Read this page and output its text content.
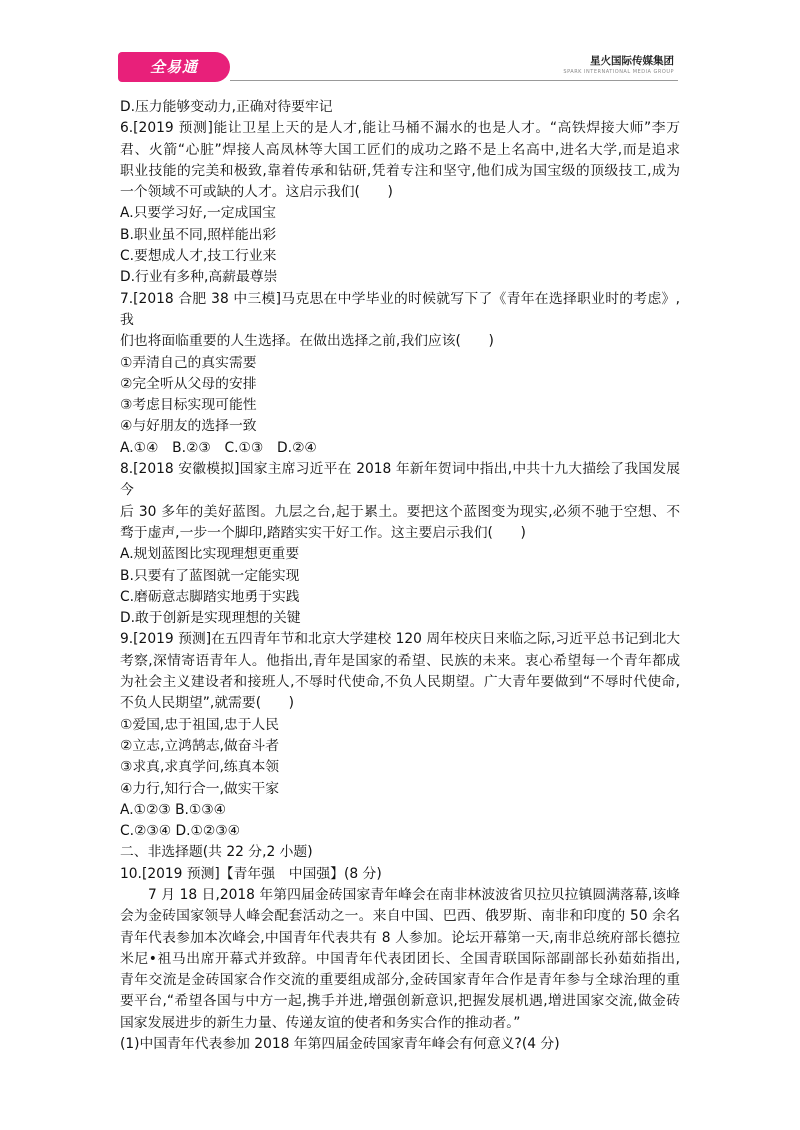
全易通	星火国际传媒集团
SPARK INTERNATIONAL MEDIA GROUP

D.压力能够变动力,正确对待要牢记

6.[2019 预测]能让卫星上天的是人才,能让马桶不漏水的也是人才。“高铁焊接大师”李万

君、火箭“心脏”焊接人高凤林等大国工匠们的成功之路不是上名高中,进名大学,而是追求

职业技能的完美和极致,靠着传承和钻研,凭着专注和坚守,他们成为国宝级的顶级技工,成为

一个领域不可或缺的人才。这启示我们(　　)

A.只要学习好,一定成国宝

B.职业虽不同,照样能出彩

C.要想成人才,技工行业来

D.行业有多种,高薪最尊崇

7.[2018 合肥 38 中三模]马克思在中学毕业的时候就写下了《青年在选择职业时的考虑》,我

们也将面临重要的人生选择。在做出选择之前,我们应该(　　)

①弄清自己的真实需要

②完全听从父母的安排

③考虑目标实现可能性

④与好朋友的选择一致

A.①④　B.②③　C.①③　D.②④

8.[2018 安徽模拟]国家主席习近平在 2018 年新年贺词中指出,中共十九大描绘了我国发展今

后 30 多年的美好蓝图。九层之台,起于累土。要把这个蓝图变为现实,必须不驰于空想、不

骛于虚声,一步一个脚印,踏踏实实干好工作。这主要启示我们(　　)

A.规划蓝图比实现理想更重要

B.只要有了蓝图就一定能实现

C.磨砺意志脚踏实地勇于实践

D.敢于创新是实现理想的关键

9.[2019 预测]在五四青年节和北京大学建校 120 周年校庆日来临之际,习近平总书记到北大

考察,深情寄语青年人。他指出,青年是国家的希望、民族的未来。衷心希望每一个青年都成

为社会主义建设者和接班人,不辱时代使命,不负人民期望。广大青年要做到“不辱时代使命,

不负人民期望”,就需要(　　)

①爱国,忠于祖国,忠于人民

②立志,立鸿鹄志,做奋斗者

③求真,求真学问,练真本领

④力行,知行合一,做实干家

A.①②③ B.①③④

C.②③④ D.①②③④

二、非选择题(共 22 分,2 小题)

10.[2019 预测]【青年强　中国强】(8 分)

7 月 18 日,2018 年第四届金砖国家青年峰会在南非林波波省贝拉贝拉镇圆满落幕,该峰

会为金砖国家领导人峰会配套活动之一。来自中国、巴西、俄罗斯、南非和印度的 50 余名

青年代表参加本次峰会,中国青年代表共有 8 人参加。论坛开幕第一天,南非总统府部长德拉

米尼•祖马出席开幕式并致辞。中国青年代表团团长、全国青联国际部副部长孙茹茹指出,

青年交流是金砖国家合作交流的重要组成部分,金砖国家青年合作是青年参与全球治理的重

要平台,“希望各国与中方一起,携手并进,增强创新意识,把握发展机遇,增进国家交流,做金砖

国家发展进步的新生力量、传递友谊的使者和务实合作的推动者。”

(1)中国青年代表参加 2018 年第四届金砖国家青年峰会有何意义?(4 分)
